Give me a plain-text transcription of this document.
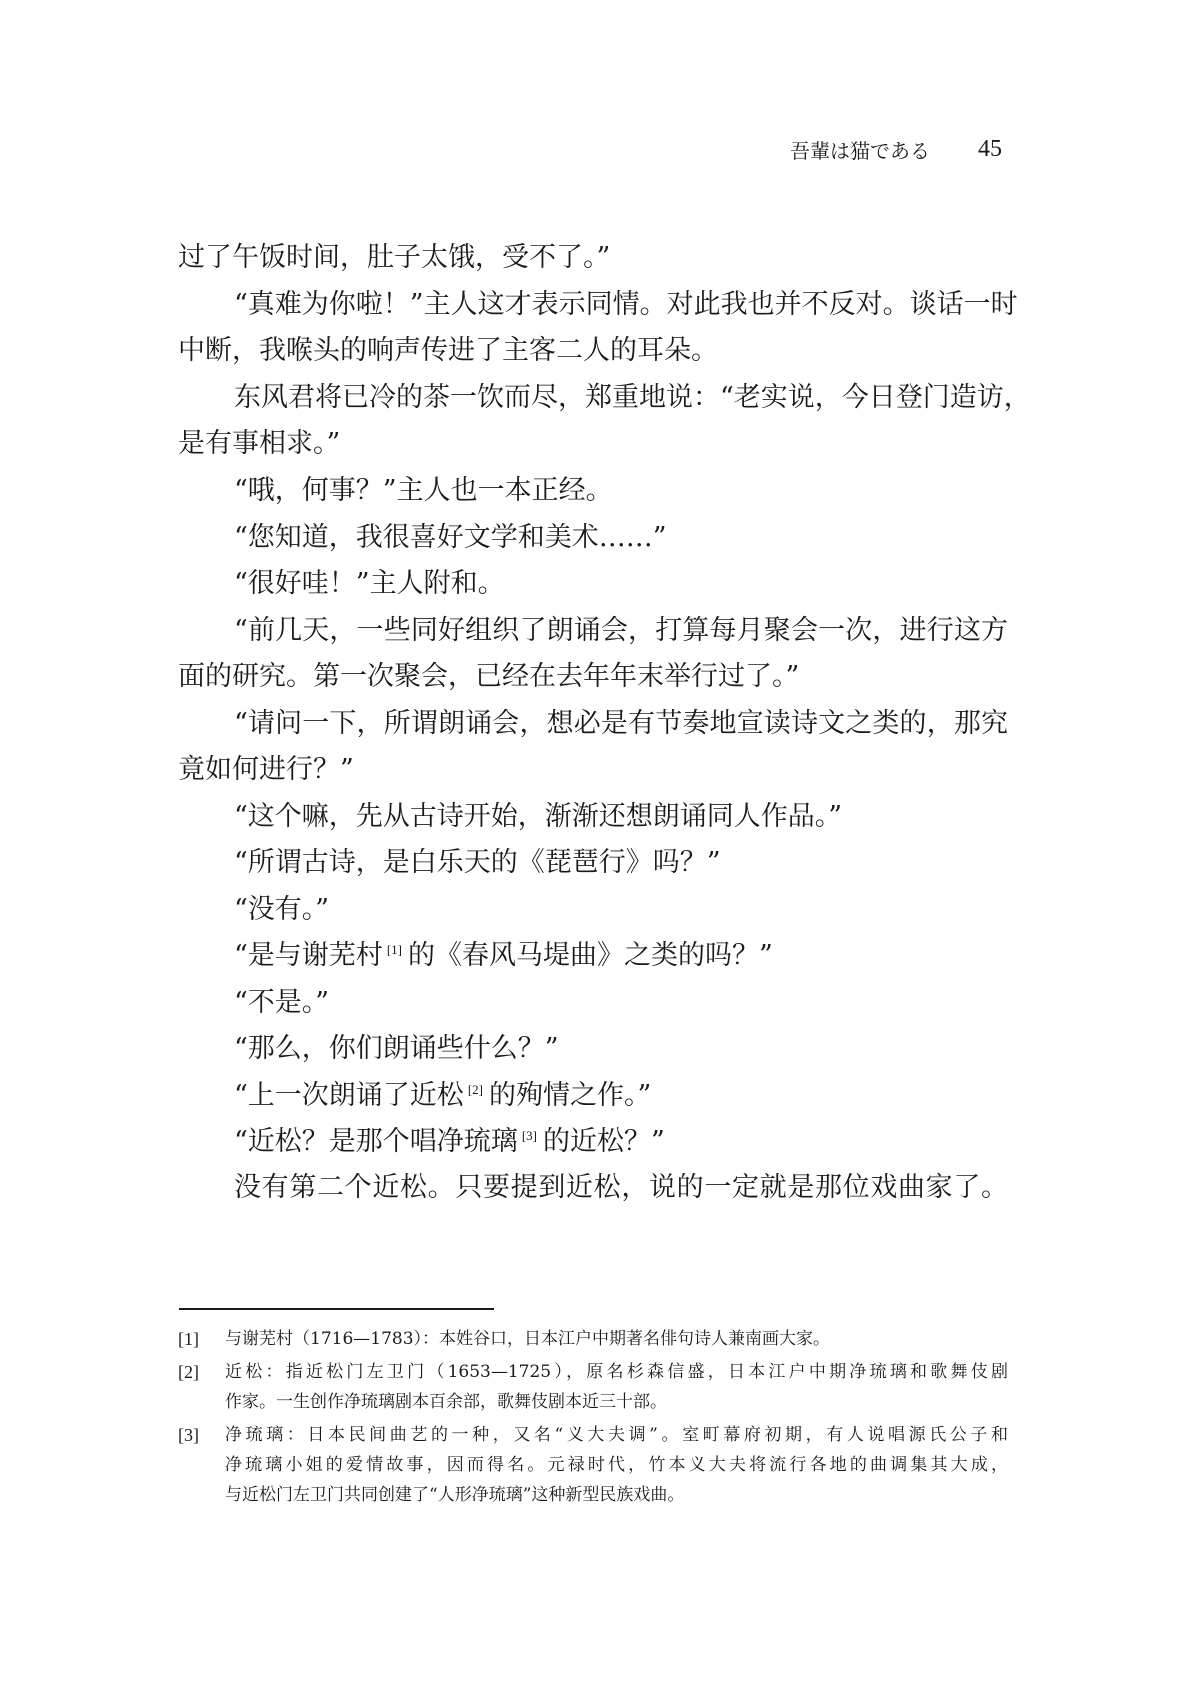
吾輩は猫である 45
过了午饭时间，肚子太饿，受不了。”
“真难为你啦！”主人这才表示同情。对此我也并不反对。谈话一时
中断，我喉头的响声传进了主客二人的耳朵。
东风君将已冷的茶一饮而尽，郑重地说：“老实说，今日登门造访，
是有事相求。”
“哦，何事？”主人也一本正经。
“您知道，我很喜好文学和美术……”
“很好哇！”主人附和。
“前几天，一些同好组织了朗诵会，打算每月聚会一次，进行这方
面的研究。第一次聚会，已经在去年年末举行过了。”
“请问一下，所谓朗诵会，想必是有节奏地宣读诗文之类的，那究
竟如何进行？”
“这个嘛，先从古诗开始，渐渐还想朗诵同人作品。”
“所谓古诗，是白乐天的《琵琶行》吗？”
“没有。”
“是与谢芜村 [1] 的《春风马堤曲》之类的吗？”
“不是。”
“那么，你们朗诵些什么？”
“上一次朗诵了近松 [2] 的殉情之作。”
“近松？是那个唱净琉璃 [3] 的近松？”
没有第二个近松。只要提到近松，说的一定就是那位戏曲家了。
[1] 与谢芜村（1716—1783）：本姓谷口，日本江户中期著名俳句诗人兼南画大家。
[2] 近松：指近松门左卫门（1653—1725），原名杉森信盛，日本江户中期净琉璃和歌舞伎剧
作家。一生创作净琉璃剧本百余部，歌舞伎剧本近三十部。
[3] 净琉璃：日本民间曲艺的一种，又名“义大夫调”。室町幕府初期，有人说唱源氏公子和
净琉璃小姐的爱情故事，因而得名。元禄时代，竹本义大夫将流行各地的曲调集其大成，
与近松门左卫门共同创建了“人形净琉璃”这种新型民族戏曲。
